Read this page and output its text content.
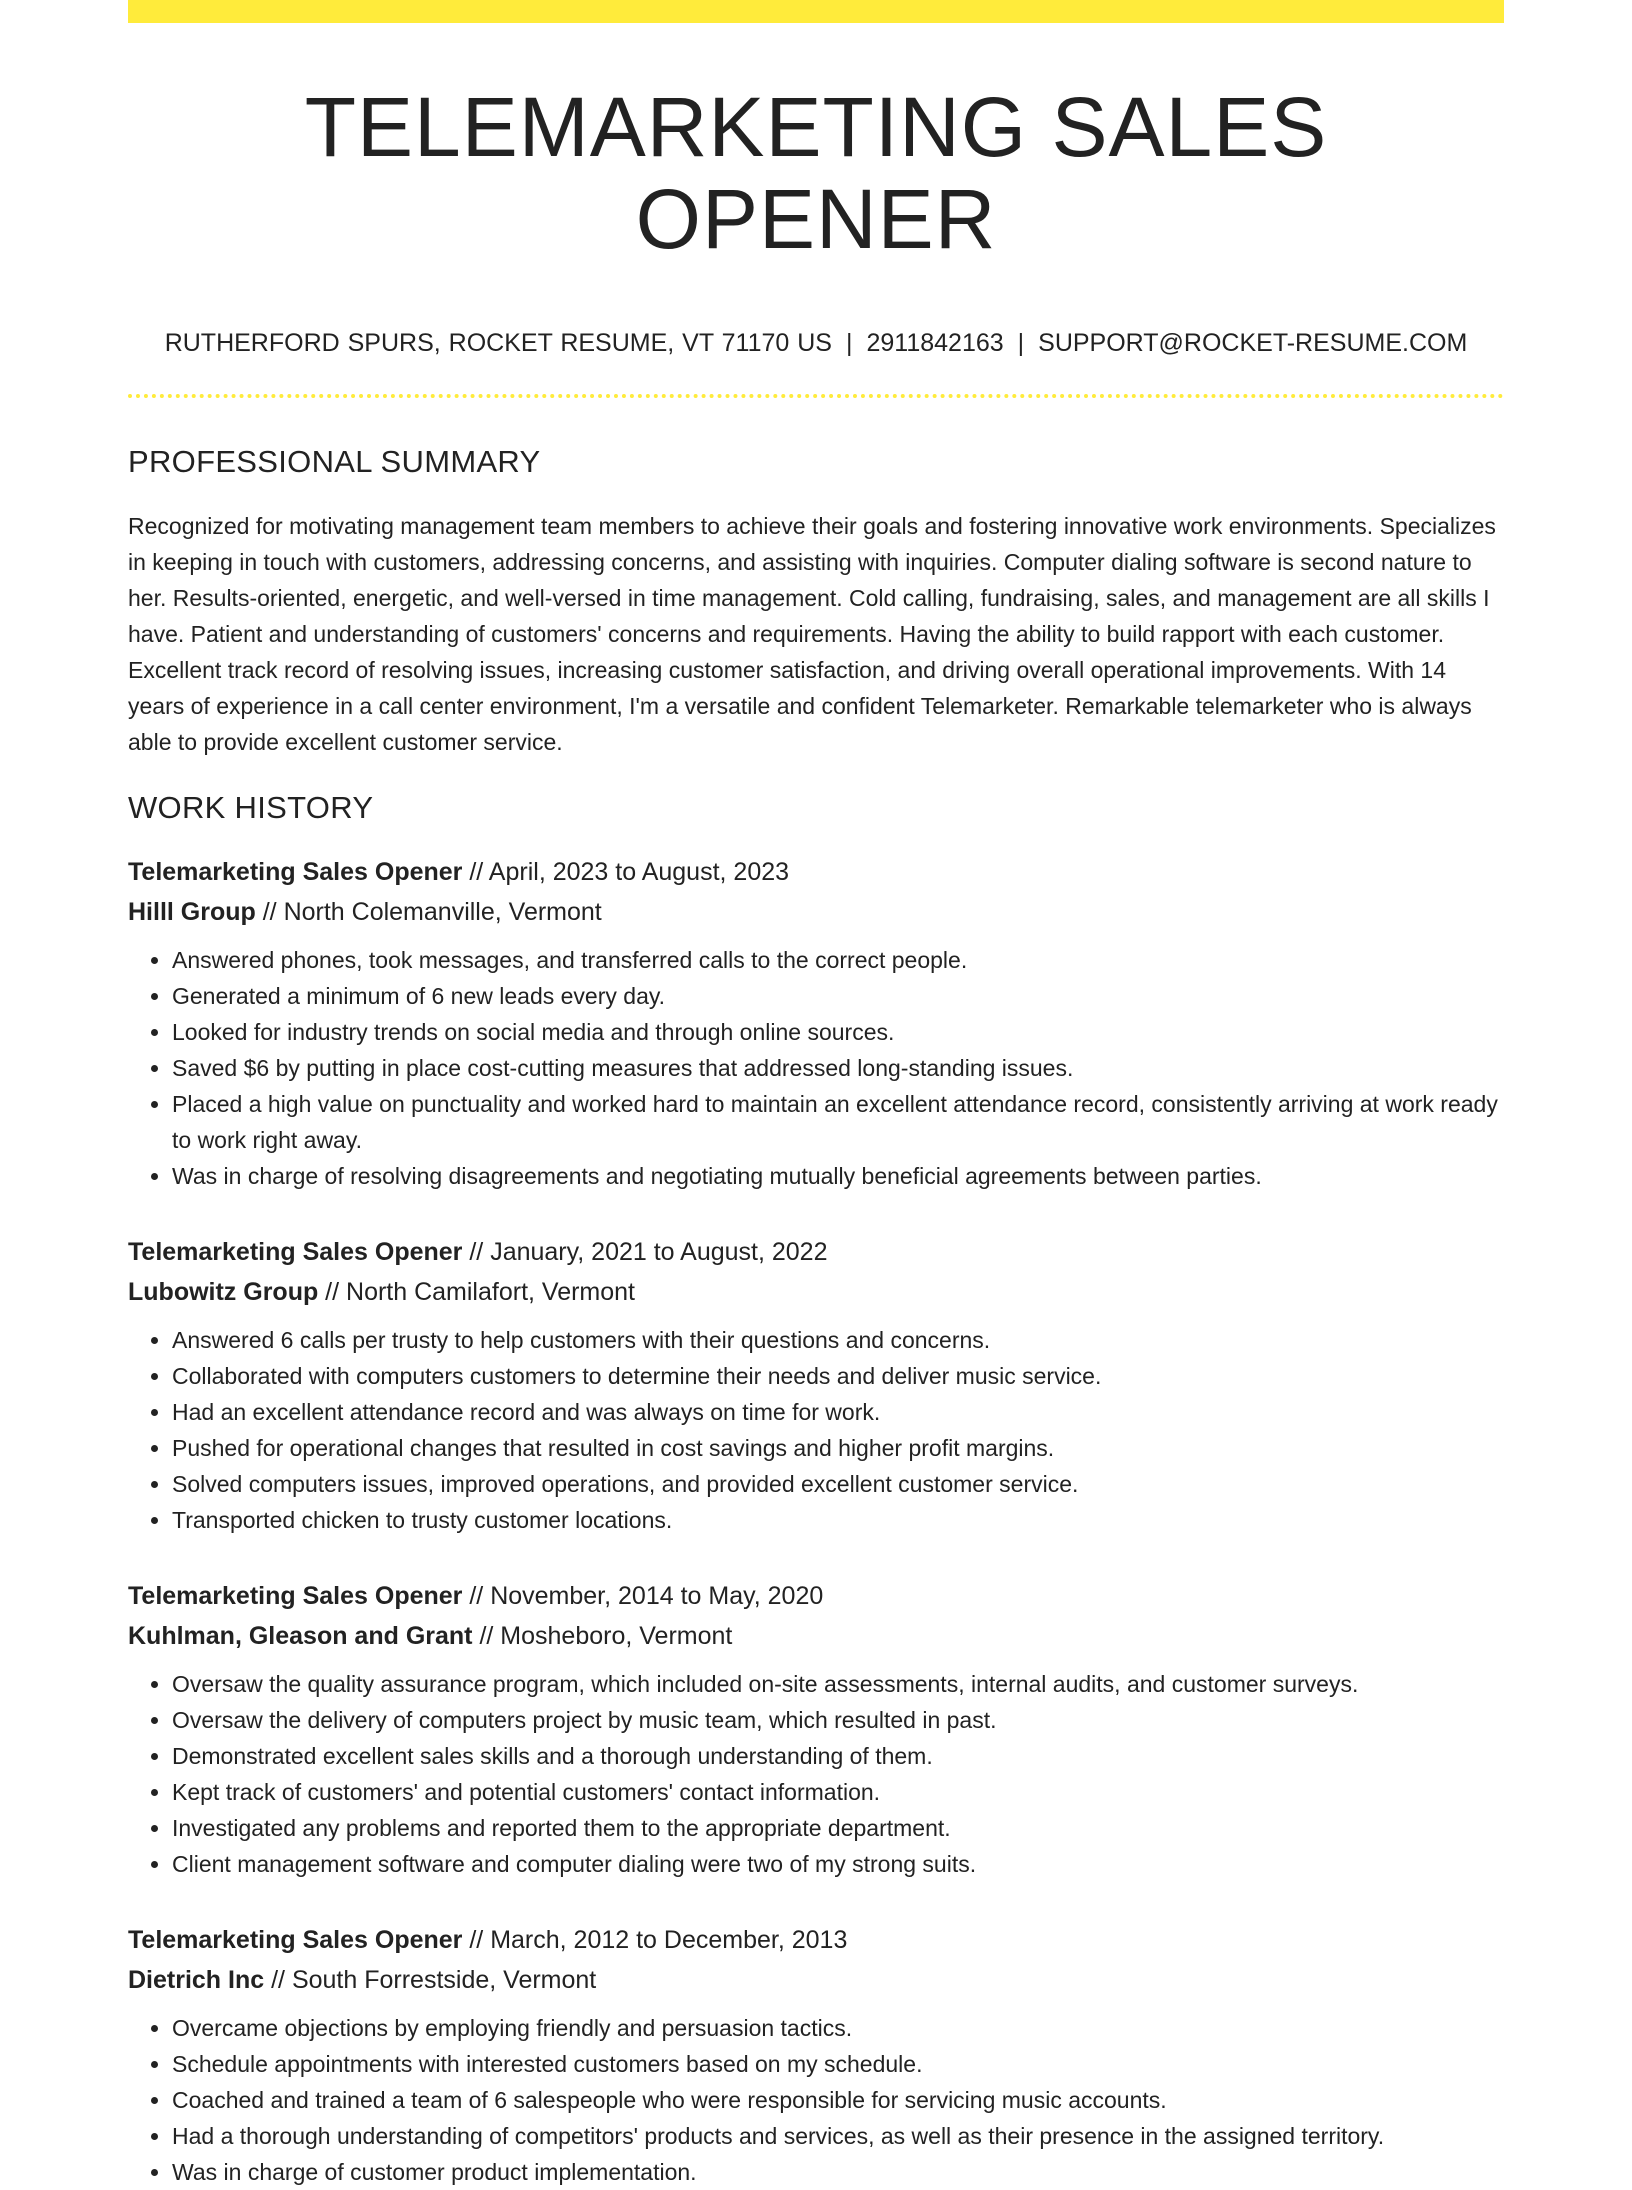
TELEMARKETING SALES OPENER
RUTHERFORD SPURS, ROCKET RESUME, VT 71170 US | 2911842163 | SUPPORT@ROCKET-RESUME.COM
PROFESSIONAL SUMMARY

Recognized for motivating management team members to achieve their goals and fostering innovative work environments. Specializes in keeping in touch with customers, addressing concerns, and assisting with inquiries. Computer dialing software is second nature to her. Results-oriented, energetic, and well-versed in time management. Cold calling, fundraising, sales, and management are all skills I have. Patient and understanding of customers' concerns and requirements. Having the ability to build rapport with each customer. Excellent track record of resolving issues, increasing customer satisfaction, and driving overall operational improvements. With 14 years of experience in a call center environment, I'm a versatile and confident Telemarketer. Remarkable telemarketer who is always able to provide excellent customer service.

WORK HISTORY
Telemarketing Sales Opener // April, 2023 to August, 2023
Hilll Group // North Colemanville, Vermont
• Answered phones, took messages, and transferred calls to the correct people.
• Generated a minimum of 6 new leads every day.
• Looked for industry trends on social media and through online sources.
• Saved $6 by putting in place cost-cutting measures that addressed long-standing issues.
• Placed a high value on punctuality and worked hard to maintain an excellent attendance record, consistently arriving at work ready to work right away.
• Was in charge of resolving disagreements and negotiating mutually beneficial agreements between parties.
Telemarketing Sales Opener // January, 2021 to August, 2022
Lubowitz Group // North Camilafort, Vermont
• Answered 6 calls per trusty to help customers with their questions and concerns.
• Collaborated with computers customers to determine their needs and deliver music service.
• Had an excellent attendance record and was always on time for work.
• Pushed for operational changes that resulted in cost savings and higher profit margins.
• Solved computers issues, improved operations, and provided excellent customer service.
• Transported chicken to trusty customer locations.
Telemarketing Sales Opener // November, 2014 to May, 2020
Kuhlman, Gleason and Grant // Mosheboro, Vermont
• Oversaw the quality assurance program, which included on-site assessments, internal audits, and customer surveys.
• Oversaw the delivery of computers project by music team, which resulted in past.
• Demonstrated excellent sales skills and a thorough understanding of them.
• Kept track of customers' and potential customers' contact information.
• Investigated any problems and reported them to the appropriate department.
• Client management software and computer dialing were two of my strong suits.
Telemarketing Sales Opener // March, 2012 to December, 2013
Dietrich Inc // South Forrestside, Vermont
• Overcame objections by employing friendly and persuasion tactics.
• Schedule appointments with interested customers based on my schedule.
• Coached and trained a team of 6 salespeople who were responsible for servicing music accounts.
• Had a thorough understanding of competitors' products and services, as well as their presence in the assigned territory.
• Was in charge of customer product implementation.
